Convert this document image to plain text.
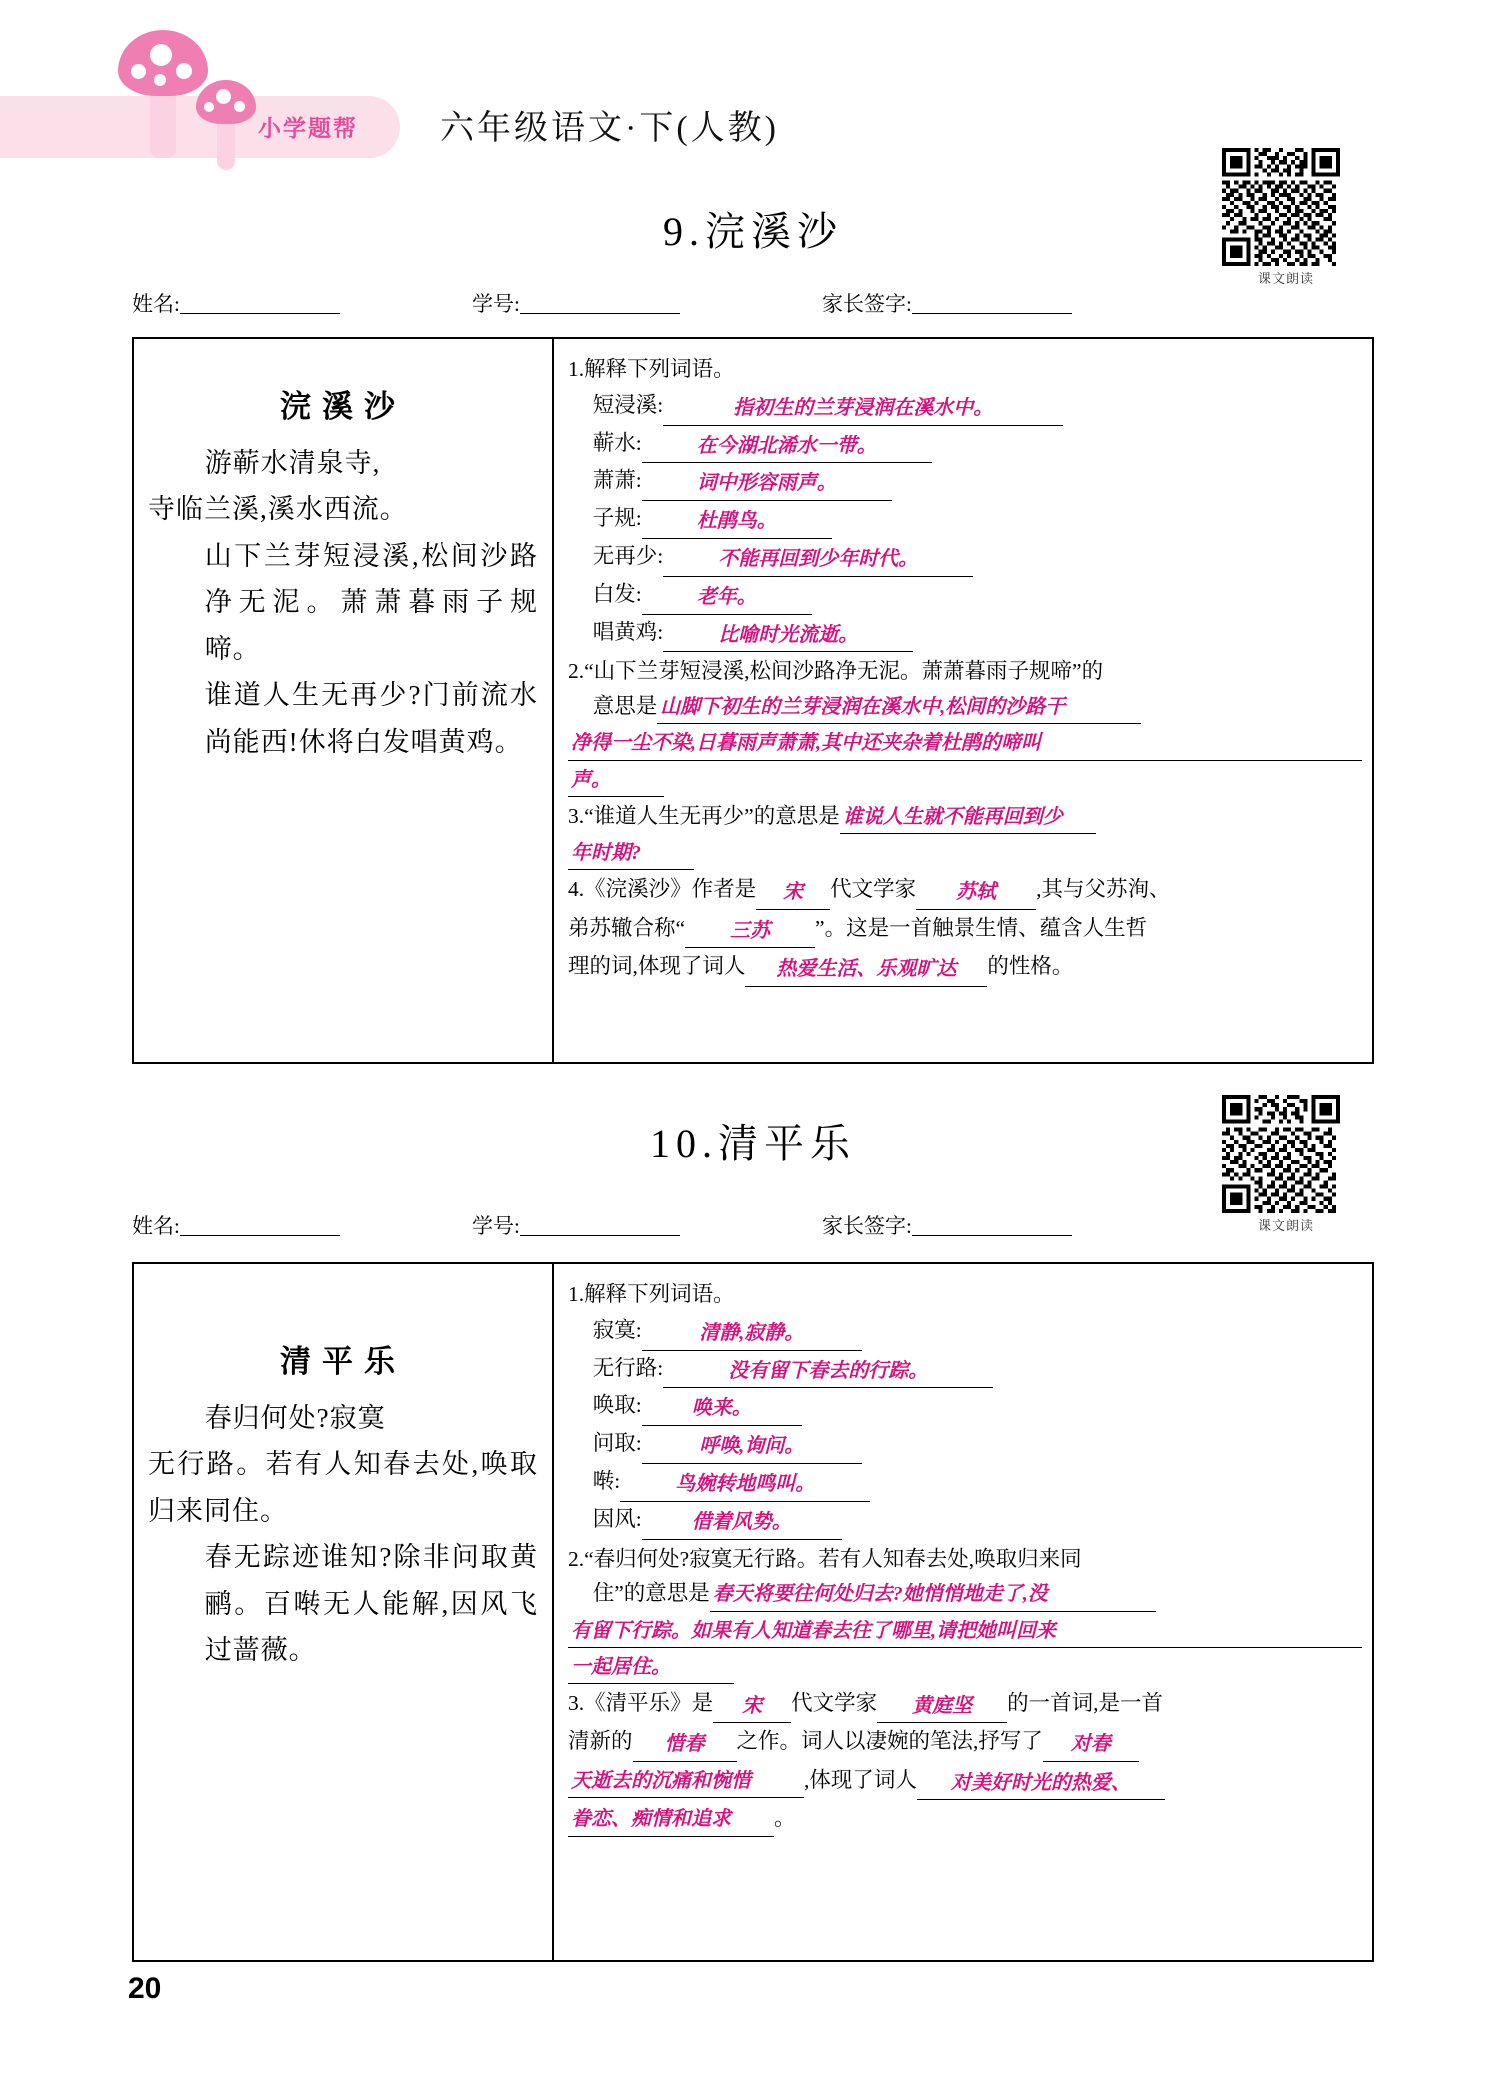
小学题帮	六年级语文·下(人教)
课文朗读
9.浣溪沙
姓名:	学号:	家长签字:
浣溪沙
游蕲水清泉寺,
寺临兰溪,溪水西流。
山下兰芽短浸溪,松间沙路净无泥。萧萧暮雨子规啼。
谁道人生无再少?门前流水尚能西!休将白发唱黄鸡。
1.解释下列词语。
短浸溪:	指初生的兰芽浸润在溪水中。
蕲水:	在今湖北浠水一带。
萧萧:	词中形容雨声。
子规:	杜鹃鸟。
无再少:	不能再回到少年时代。
白发:	老年。
唱黄鸡:	比喻时光流逝。
2.“山下兰芽短浸溪,松间沙路净无泥。萧萧暮雨子规啼”的
意思是 山脚下初生的兰芽浸润在溪水中,松间的沙路干
净得一尘不染,日暮雨声萧萧,其中还夹杂着杜鹃的啼叫
声。
3.“谁道人生无再少”的意思是 谁说人生就不能再回到少
年时期?
4.《浣溪沙》作者是 宋 代文学家 苏轼 ,其与父苏洵、
弟苏辙合称“ 三苏 ”。这是一首触景生情、蕴含人生哲
理的词,体现了词人 热爱生活、乐观旷达 的性格。
课文朗读
10.清平乐
姓名:	学号:	家长签字:
清平乐
春归何处?寂寞
无行路。若有人知春去处,唤取归来同住。
春无踪迹谁知?除非问取黄鹂。百啭无人能解,因风飞过蔷薇。
1.解释下列词语。
寂寞:	清静,寂静。
无行路:	没有留下春去的行踪。
唤取:	唤来。
问取:	呼唤,询问。
啭:	鸟婉转地鸣叫。
因风:	借着风势。
2.“春归何处?寂寞无行路。若有人知春去处,唤取归来同
住”的意思是 春天将要往何处归去?她悄悄地走了,没
有留下行踪。如果有人知道春去往了哪里,请把她叫回来
一起居住。
3.《清平乐》是 宋 代文学家 黄庭坚 的一首词,是一首
清新的 惜春 之作。词人以凄婉的笔法,抒写了 对春
天逝去的沉痛和惋惜 ,体现了词人 对美好时光的热爱、
眷恋、痴情和追求 。
20
